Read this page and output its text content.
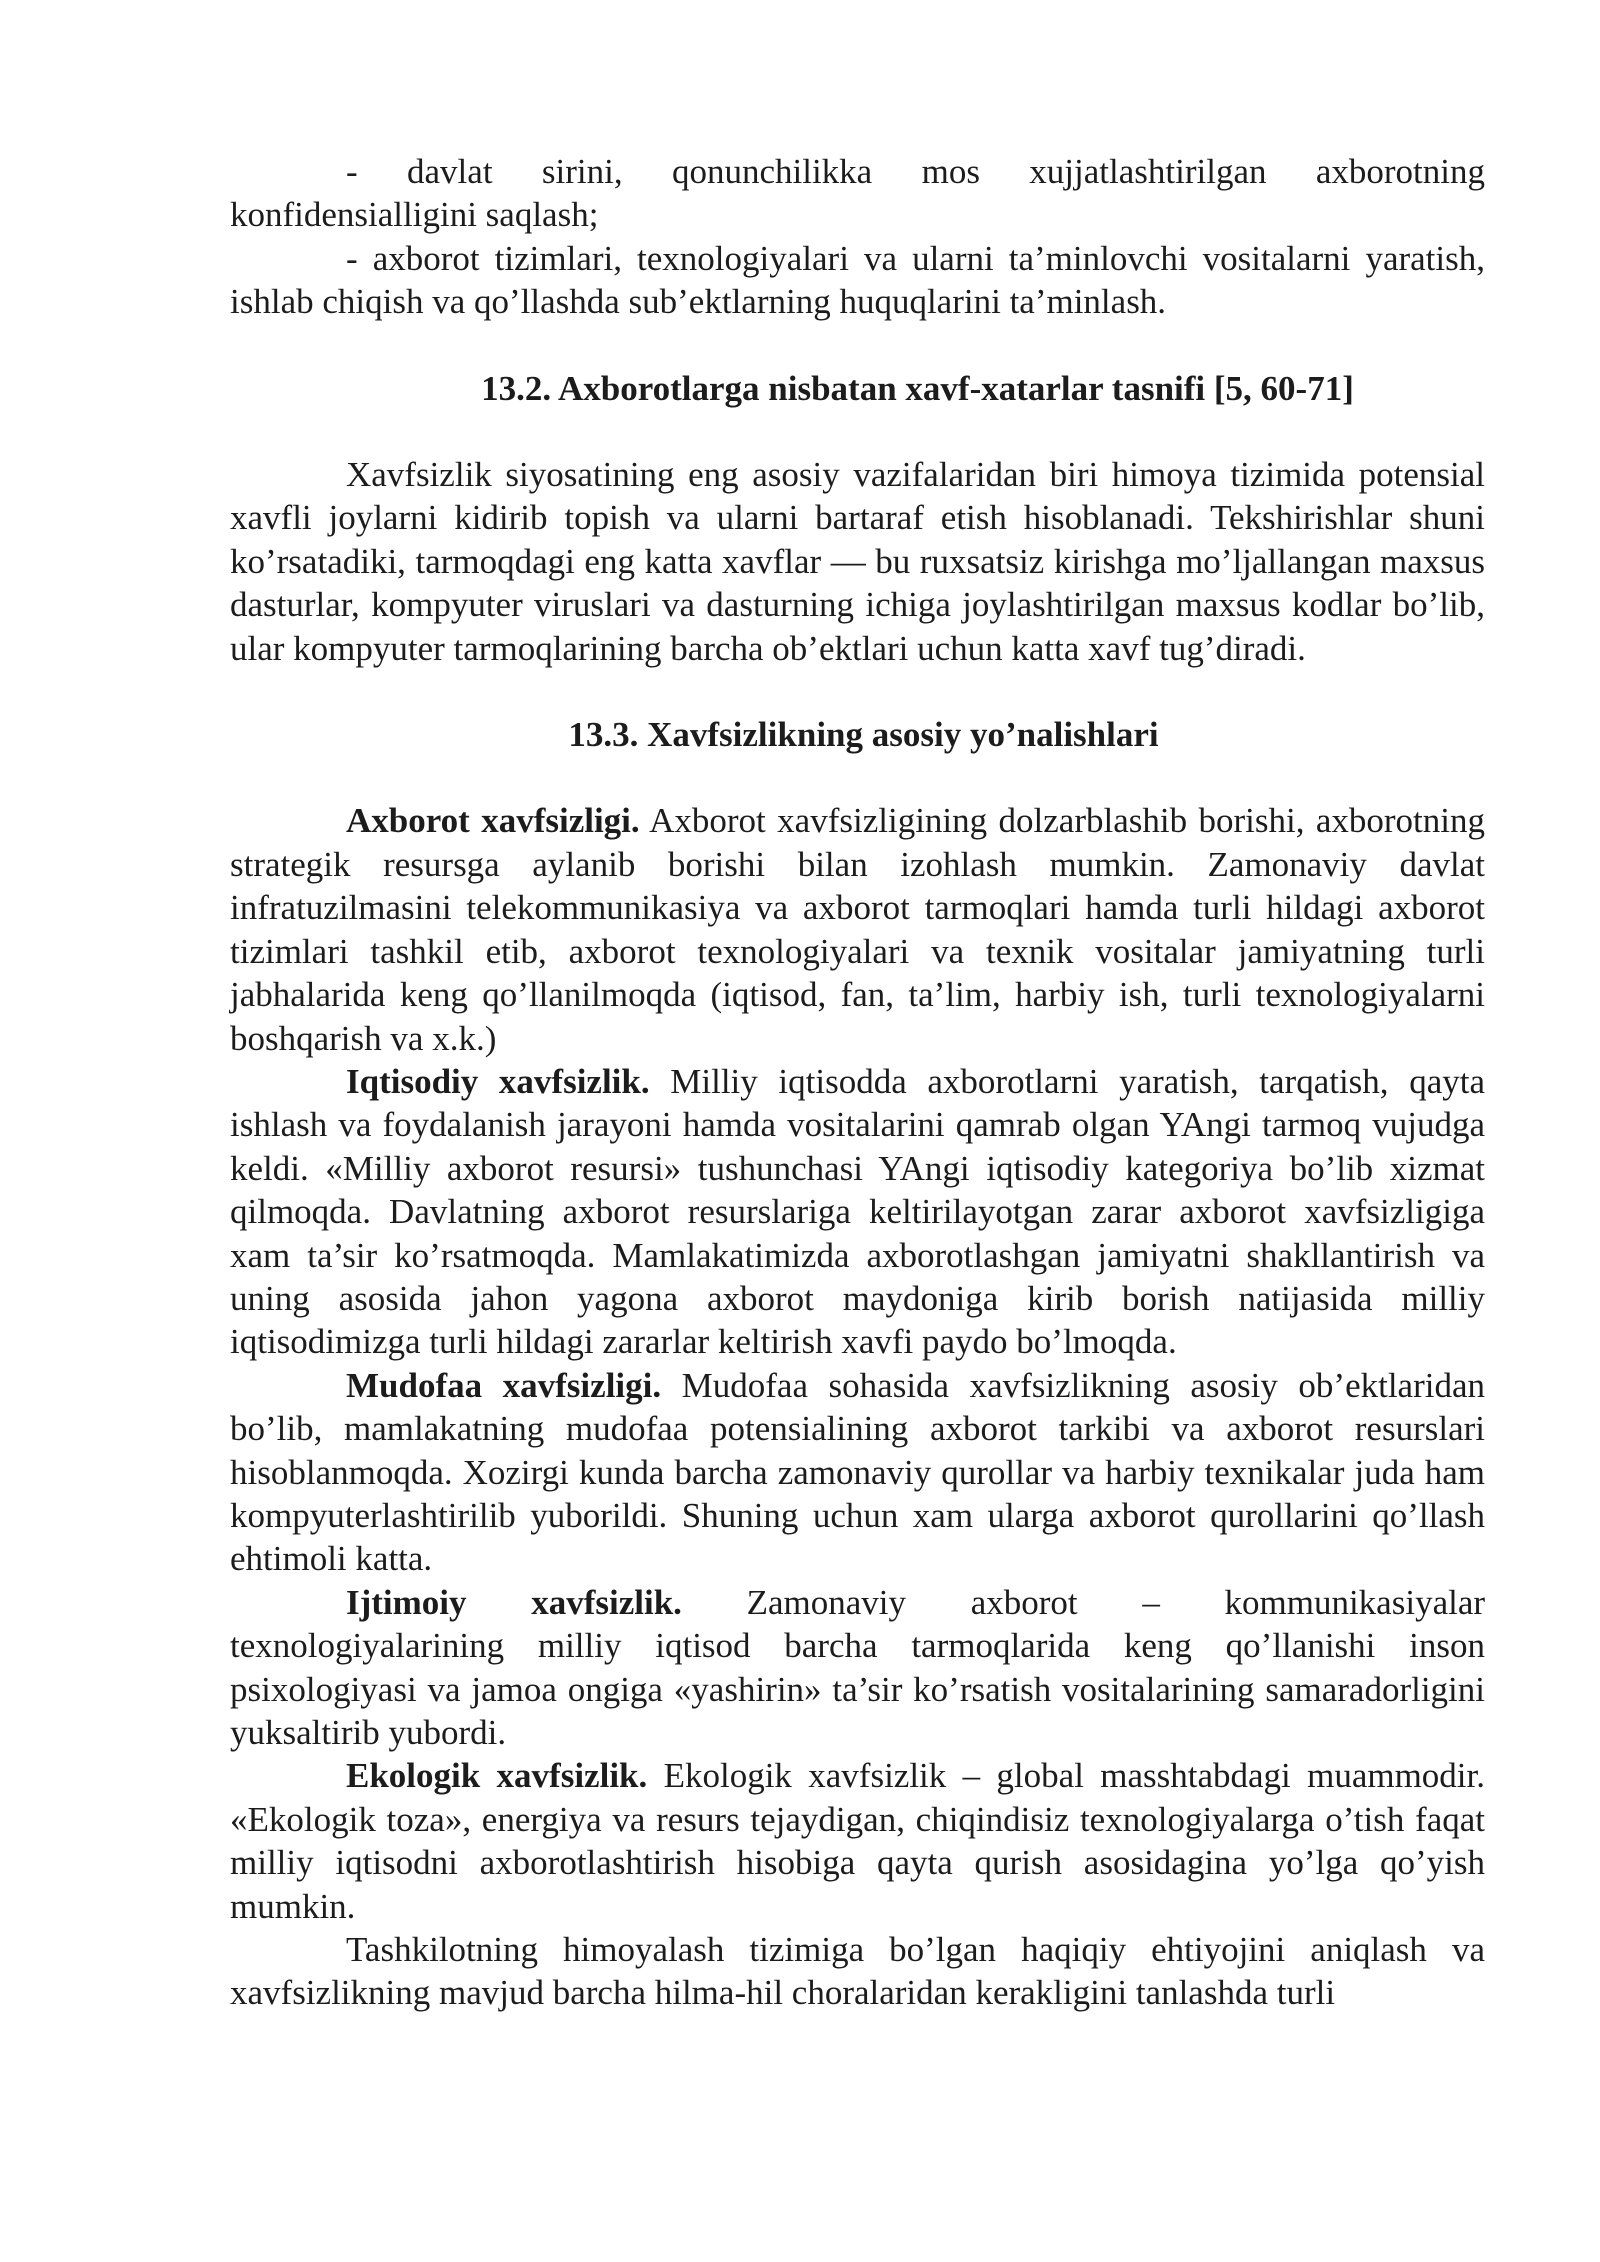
- davlat sirini, qonunchilikka mos xujjatlashtirilgan axborotning konfidensialligini saqlash;

- axborot tizimlari, texnologiyalari va ularni ta’minlovchi vositalarni yaratish, ishlab chiqish va qo’llashda sub’ektlarning huquqlarini ta’minlash.

13.2. Axborotlarga nisbatan xavf-xatarlar tasnifi [5, 60-71]

Xavfsizlik siyosatining eng asosiy vazifalaridan biri himoya tizimida potensial xavfli joylarni kidirib topish va ularni bartaraf etish hisoblanadi. Tekshirishlar shuni ko’rsatadiki, tarmoqdagi eng katta xavflar — bu ruxsatsiz kirishga mo’ljallangan maxsus dasturlar, kompyuter viruslari va dasturning ichiga joylashtirilgan maxsus kodlar bo’lib, ular kompyuter tarmoqlarining barcha ob’ektlari uchun katta xavf tug’diradi.

13.3. Xavfsizlikning asosiy yo’nalishlari

Axborot xavfsizligi. Axborot xavfsizligining dolzarblashib borishi, axborotning strategik resursga aylanib borishi bilan izohlash mumkin. Zamonaviy davlat infratuzilmasini telekommunikasiya va axborot tarmoqlari hamda turli hildagi axborot tizimlari tashkil etib, axborot texnologiyalari va texnik vositalar jamiyatning turli jabhalarida keng qo’llanilmoqda (iqtisod, fan, ta’lim, harbiy ish, turli texnologiyalarni boshqarish va x.k.)

Iqtisodiy xavfsizlik. Milliy iqtisodda axborotlarni yaratish, tarqatish, qayta ishlash va foydalanish jarayoni hamda vositalarini qamrab olgan YAngi tarmoq vujudga keldi. «Milliy axborot resursi» tushunchasi YAngi iqtisodiy kategoriya bo’lib xizmat qilmoqda. Davlatning axborot resurslariga keltirilayotgan zarar axborot xavfsizligiga xam ta’sir ko’rsatmoqda. Mamlakatimizda axborotlashgan jamiyatni shakllantirish va uning asosida jahon yagona axborot maydoniga kirib borish natijasida milliy iqtisodimizga turli hildagi zararlar keltirish xavfi paydo bo’lmoqda.

Mudofaa xavfsizligi. Mudofaa sohasida xavfsizlikning asosiy ob’ektlaridan bo’lib, mamlakatning mudofaa potensialining axborot tarkibi va axborot resurslari hisoblanmoqda. Xozirgi kunda barcha zamonaviy qurollar va harbiy texnikalar juda ham kompyuterlashtirilib yuborildi. Shuning uchun xam ularga axborot qurollarini qo’llash ehtimoli katta.

Ijtimoiy xavfsizlik. Zamonaviy axborot – kommunikasiyalar texnologiyalarining milliy iqtisod barcha tarmoqlarida keng qo’llanishi inson psixologiyasi va jamoa ongiga «yashirin» ta’sir ko’rsatish vositalarining samaradorligini yuksaltirib yubordi.

Ekologik xavfsizlik. Ekologik xavfsizlik – global masshtabdagi muammodir. «Ekologik toza», energiya va resurs tejaydigan, chiqindisiz texnologiyalarga o’tish faqat milliy iqtisodni axborotlashtirish hisobiga qayta qurish asosidagina yo’lga qo’yish mumkin.

Tashkilotning himoyalash tizimiga bo’lgan haqiqiy ehtiyojini aniqlash va xavfsizlikning mavjud barcha hilma-hil choralaridan kerakligini tanlashda turli
